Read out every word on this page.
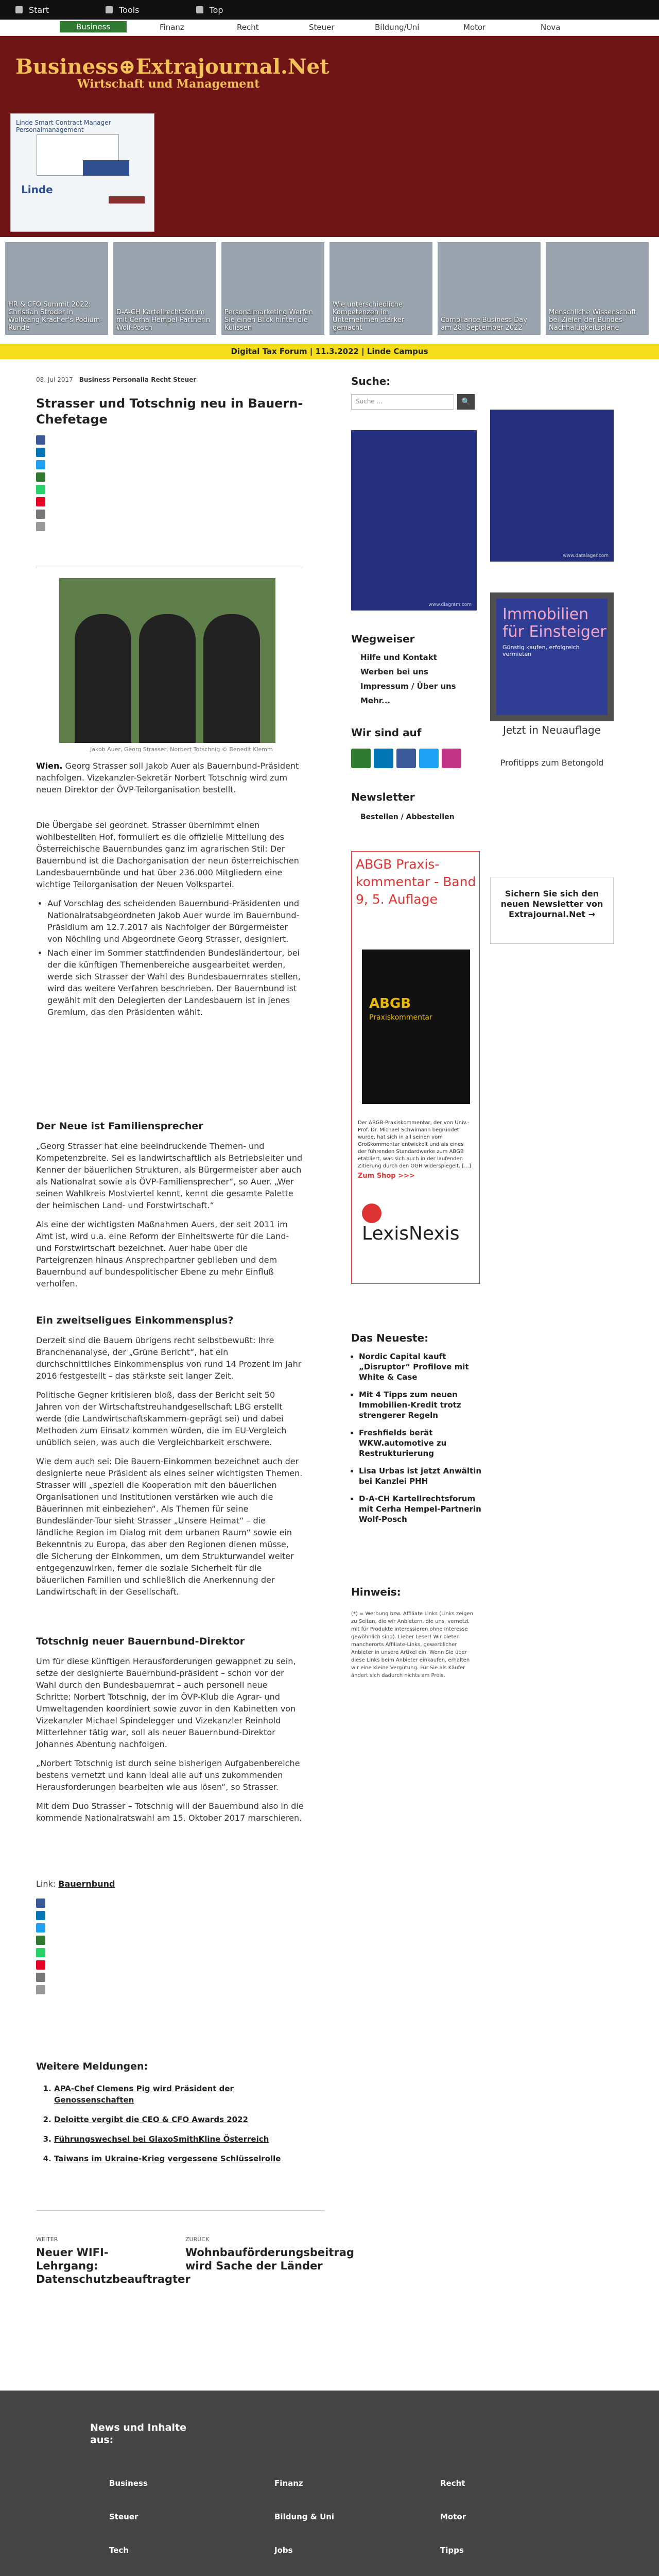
Start	Tools	Top
Business	Finanz	Recht	Steuer	Bildung/Uni	Motor	Nova
Business⊕Extrajournal.Net
Wirtschaft und Management
Linde Smart Contract Manager Personalmanagement
Linde
HR & CFO Summit 2022: Christian Stroder in Wolfgang Kracher's Podium-Runde
D-A-CH Kartellrechtsforum mit Cerha Hempel-Partnerin Wolf-Posch
Personalmarketing Werfen Sie einen Blick hinter die Kulissen
Wie unterschiedliche Kompetenzen im Unternehmen stärker gemacht
Compliance Business Day am 28. September 2022
Menschliche Wissenschaft bei Zielen der Bundes-Nachhaltigkeitspläne
Digital Tax Forum | 11.3.2022 | Linde Campus
08. Jul 2017 Business Personalia Recht Steuer
Strasser und Totschnig neu in Bauern-Chefetage
Jakob Auer, Georg Strasser, Norbert Totschnig © Benedit Klemm
Wien. Georg Strasser soll Jakob Auer als Bauernbund-Präsident nachfolgen. Vizekanzler-Sekretär Norbert Totschnig wird zum neuen Direktor der ÖVP-Teilorganisation bestellt.

Die Übergabe sei geordnet. Strasser übernimmt einen wohlbestellten Hof, formuliert es die offizielle Mitteilung des Österreichische Bauernbundes ganz im agrarischen Stil: Der Bauernbund ist die Dachorganisation der neun österreichischen Landesbauernbünde und hat über 236.000 Mitgliedern eine wichtige Teilorganisation der Neuen Volkspartei.

• Auf Vorschlag des scheidenden Bauernbund-Präsidenten und Nationalratsabgeordneten Jakob Auer wurde im Bauernbund-Präsidium am 12.7.2017 als Nachfolger der Bürgermeister von Nöchling und Abgeordnete Georg Strasser, designiert.
• Nach einer im Sommer stattfindenden Bundesländertour, bei der die künftigen Themenbereiche ausgearbeitet werden, werde sich Strasser der Wahl des Bundesbauernrates stellen, wird das weitere Verfahren beschrieben. Der Bauernbund ist gewählt mit den Delegierten der Landesbauern ist in jenes Gremium, das den Präsidenten wählt.
Der Neue ist Familiensprecher

„Georg Strasser hat eine beeindruckende Themen- und Kompetenzbreite. Sei es landwirtschaftlich als Betriebsleiter und Kenner der bäuerlichen Strukturen, als Bürgermeister aber auch als Nationalrat sowie als ÖVP-Familiensprecher“, so Auer. „Wer seinen Wahlkreis Mostviertel kennt, kennt die gesamte Palette der heimischen Land- und Forstwirtschaft.“

Als eine der wichtigsten Maßnahmen Auers, der seit 2011 im Amt ist, wird u.a. eine Reform der Einheitswerte für die Land- und Forstwirtschaft bezeichnet. Auer habe über die Parteigrenzen hinaus Ansprechpartner geblieben und dem Bauernbund auf bundespolitischer Ebene zu mehr Einfluß verholfen.

Ein zweitseligues Einkommensplus?

Derzeit sind die Bauern übrigens recht selbstbewußt: Ihre Branchenanalyse, der „Grüne Bericht“, hat ein durchschnittliches Einkommensplus von rund 14 Prozent im Jahr 2016 festgestellt – das stärkste seit langer Zeit.

Politische Gegner kritisieren bloß, dass der Bericht seit 50 Jahren von der Wirtschaftstreuhandgesellschaft LBG erstellt werde (die Landwirtschaftskammern-geprägt sei) und dabei Methoden zum Einsatz kommen würden, die im EU-Vergleich unüblich seien, was auch die Vergleichbarkeit erschwere.

Wie dem auch sei: Die Bauern-Einkommen bezeichnet auch der designierte neue Präsident als eines seiner wichtigsten Themen. Strasser will „speziell die Kooperation mit den bäuerlichen Organisationen und Institutionen verstärken wie auch die Bäuerinnen mit einbeziehen“. Als Themen für seine Bundesländer-Tour sieht Strasser „Unsere Heimat“ – die ländliche Region im Dialog mit dem urbanen Raum“ sowie ein Bekenntnis zu Europa, das aber den Regionen dienen müsse, die Sicherung der Einkommen, um dem Strukturwandel weiter entgegenzuwirken, ferner die soziale Sicherheit für die bäuerlichen Familien und schließlich die Anerkennung der Landwirtschaft in der Gesellschaft.

Totschnig neuer Bauernbund-Direktor

Um für diese künftigen Herausforderungen gewappnet zu sein, setze der designierte Bauernbund-präsident – schon vor der Wahl durch den Bundesbauernrat – auch personell neue Schritte: Norbert Totschnig, der im ÖVP-Klub die Agrar- und Umweltagenden koordiniert sowie zuvor in den Kabinetten von Vizekanzler Michael Spindelegger und Vizekanzler Reinhold Mitterlehner tätig war, soll als neuer Bauernbund-Direktor Johannes Abentung nachfolgen.

„Norbert Totschnig ist durch seine bisherigen Aufgabenbereiche bestens vernetzt und kann ideal alle auf uns zukommenden Herausforderungen bearbeiten wie aus lösen“, so Strasser.

Mit dem Duo Strasser – Totschnig will der Bauernbund also in die kommende Nationalratswahl am 15. Oktober 2017 marschieren.

Link: Bauernbund
Weitere Meldungen:
1. APA-Chef Clemens Pig wird Präsident der Genossenschaften
2. Deloitte vergibt die CEO & CFO Awards 2022
3. Führungswechsel bei GlaxoSmithKline Österreich
4. Taiwans im Ukraine-Krieg vergessene Schlüsselrolle
WEITER
Neuer WIFI-Lehrgang: Datenschutzbeauftragter
ZURÜCK
Wohnbauförderungsbeitrag wird Sache der Länder
Suche:
Suche ...	🔍
www.diagram.com
www.datalager.com
Wegweiser
Hilfe und Kontakt
Werben bei uns
Impressum / Über uns
Mehr...
Wir sind auf
Newsletter
Bestellen / Abbestellen
ABGB Praxis-kommentar - Band 9, 5. Auflage
ABGB
Praxiskommentar
Der ABGB-Praxiskommentar, der von Univ.-Prof. Dr. Michael Schwimann begründet wurde, hat sich in all seinen vom Großkommentar entwickelt und als eines der führenden Standardwerke zum ABGB etabliert, was sich auch in der laufenden Zitierung durch den OGH widerspiegelt. [...]
Zum Shop >>>
LexisNexis
Das Neueste:
• Nordic Capital kauft „Disruptor“ Profilove mit White & Case
• Mit 4 Tipps zum neuen Immobilien-Kredit trotz strengerer Regeln
• Freshfields berät WKW.automotive zu Restrukturierung
• Lisa Urbas ist jetzt Anwältin bei Kanzlei PHH
• D-A-CH Kartellrechtsforum mit Cerha Hempel-Partnerin Wolf-Posch
Hinweis:
(*) = Werbung bzw. Affiliate Links (Links zeigen zu Seiten, die wir Anbietern, die uns, vernetzt mit für Produkte interessieren ohne Interesse gewöhnlich sind). Lieber Leser! Wir bieten mancherorts Affiliate-Links, gewerblicher Anbieter in unsere Artikel ein. Wenn Sie über diese Links beim Anbieter einkaufen, erhalten wir eine kleine Vergütung. Für Sie als Käufer ändert sich dadurch nichts am Preis.
Immobilien für Einsteiger
Günstig kaufen, erfolgreich vermieten
Jetzt in Neuauflage
Profitipps zum Betongold
Sichern Sie sich den neuen Newsletter von Extrajournal.Net →
News und Inhalte aus:
Business	Finanz	Recht
Steuer	Bildung & Uni	Motor
Tech	Jobs	Tipps
